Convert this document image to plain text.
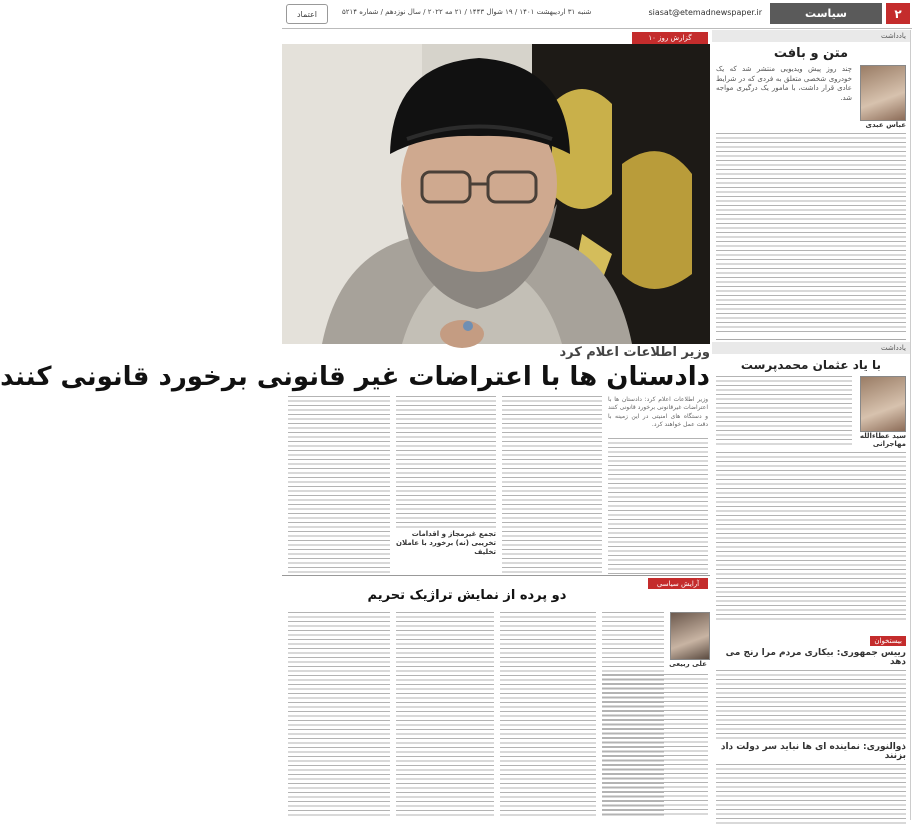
اعتماد	شنبه ۳۱ اردیبهشت ۱۴۰۱ / ۱۹ شوال ۱۴۴۳ / ۲۱ مه ۲۰۲۲ / سال نوزدهم / شماره ۵۲۱۴	siasat@etemadnewspaper.ir	سیاست	۲
یادداشت
متن و بافت
عباس عبدی
چند روز پیش ویدیویی منتشر شد که یک خودروی شخصی متعلق به فردی که در شرایط عادی قرار داشت، با مامور یک درگیری مواجه شد.
یادداشت
با یاد عثمان محمدپرست
سید عطاءالله مهاجرانی
بیستخوان
رییس جمهوری: بیکاری مردم مرا رنج می دهد
ذوالنوری: نماینده ای ها نباید سر دولت داد بزنند
گزارش روز ۱۰
وزیر اطلاعات اعلام کرد
دادستان ها با اعتراضات غیر قانونی برخورد قانونی کنند
وزیر اطلاعات اعلام کرد: دادستان ها با اعتراضات غیرقانونی برخورد قانونی کنند و دستگاه های امنیتی در این زمینه با دقت عمل خواهند کرد.
تجمع غیرمجاز و اقدامات تخریبی (نه) برخورد با عاملان تخلیف
آرایش سیاسی
دو پرده از نمایش تراژیک تحریم
علی ربیعی
